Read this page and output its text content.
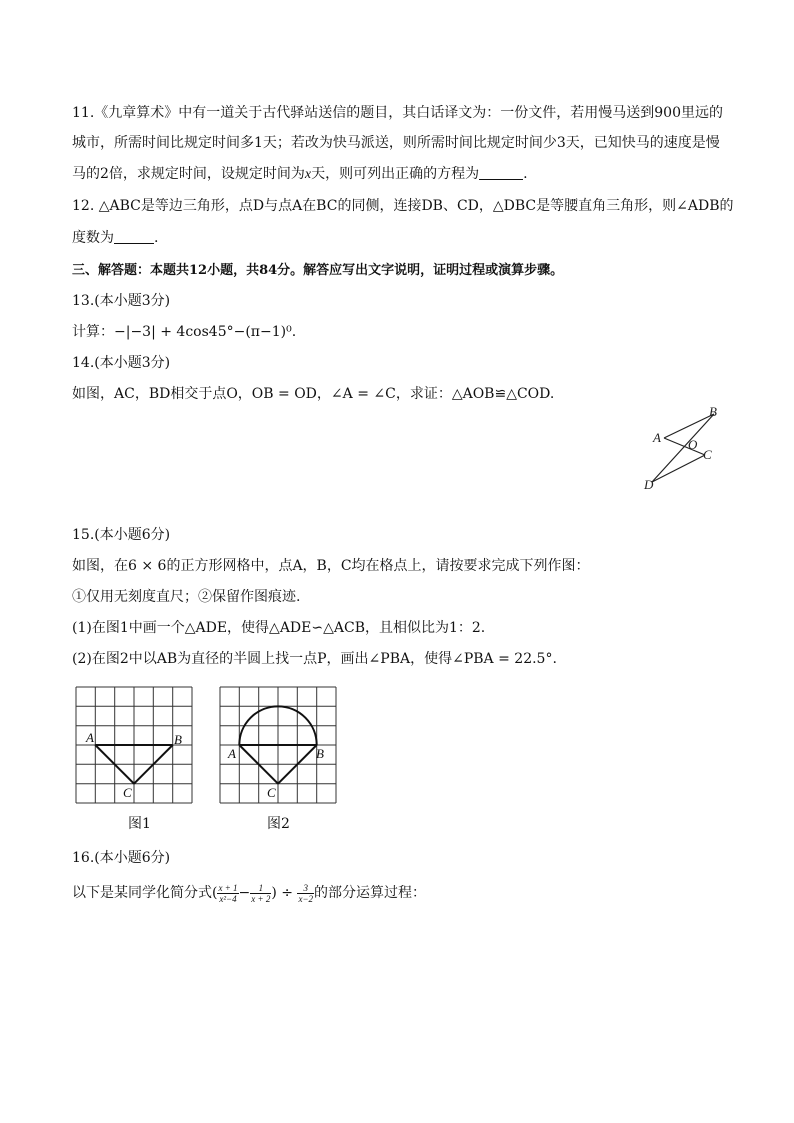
11.《九章算术》中有一道关于古代驿站送信的题目，其白话译文为：一份文件，若用慢马送到900里远的
城市，所需时间比规定时间多1天；若改为快马派送，则所需时间比规定时间少3天，已知快马的速度是慢
马的2倍，求规定时间，设规定时间为x天，则可列出正确的方程为	.
12. △ABC是等边三角形，点D与点A在BC的同侧，连接DB、CD，△DBC是等腰直角三角形，则∠ADB的
度数为	.
三、解答题：本题共12小题，共84分。解答应写出文字说明，证明过程或演算步骤。
13.(本小题3分)
计算：−|−3| + 4cos45°−(π−1)⁰.
14.(本小题3分)
如图，AC，BD相交于点O，OB = OD，∠A = ∠C，求证：△AOB≌△COD.
A
B
O
C
D
15.(本小题6分)
如图，在6 × 6的正方形网格中，点A，B，C均在格点上，请按要求完成下列作图：
①仅用无刻度直尺；②保留作图痕迹.
(1)在图1中画一个△ADE，使得△ADE∽△ACB，且相似比为1：2.
(2)在图2中以AB为直径的半圆上找一点P，画出∠PBA，使得∠PBA = 22.5°.
A	B
C
图1
A	B
C
图2
16.(本小题6分)
以下是某同学化简分式( $\frac{x + 1}{\text{x²−4}} - \frac{1}{x + 2}$ ) ÷ $\frac{3}{x-2}$ 的部分运算过程：
